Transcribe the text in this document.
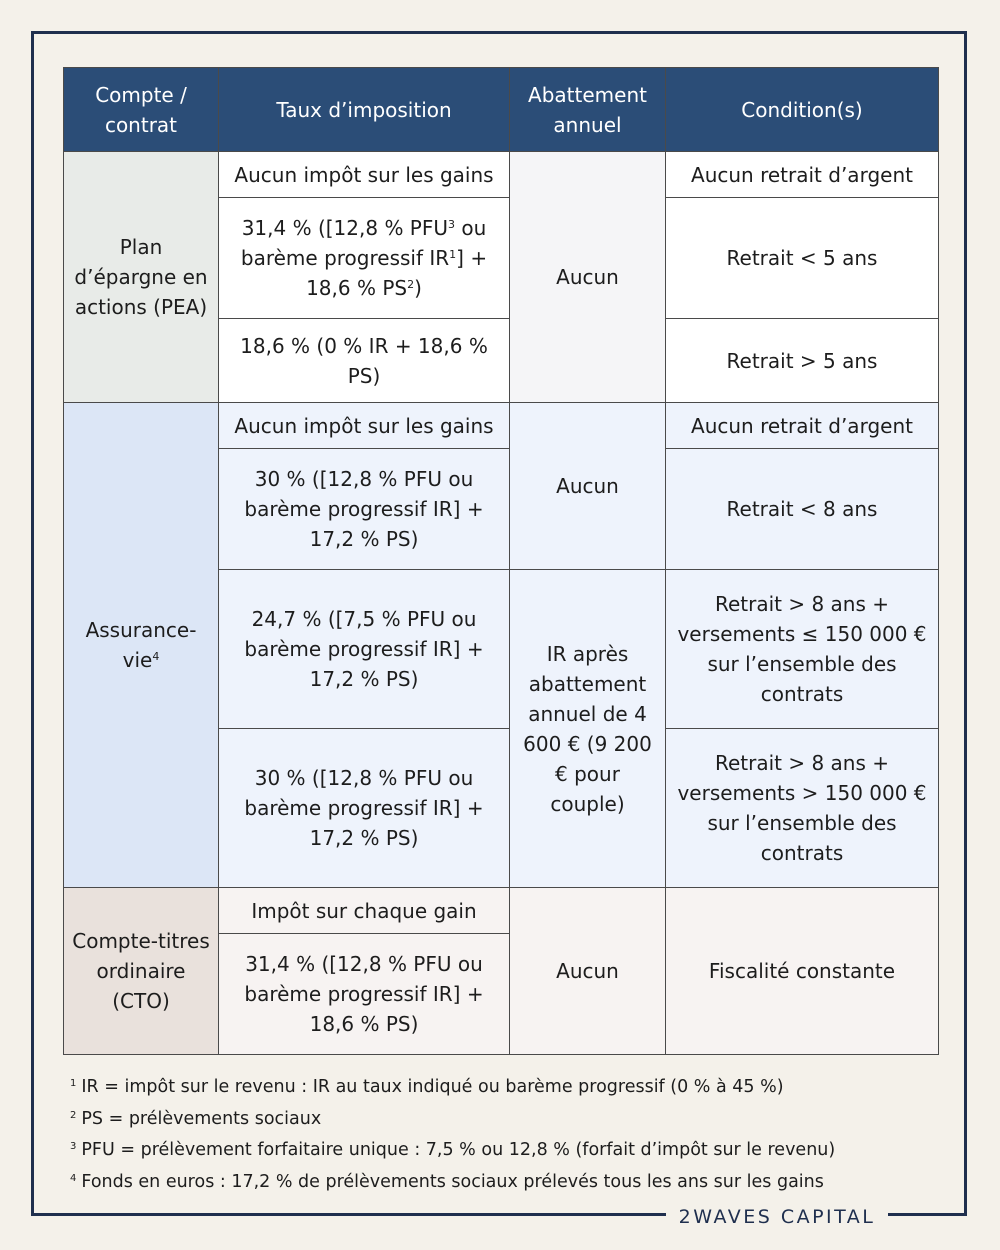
2WAVES CAPITAL
Compte / contrat	Taux d’imposition	Abattement annuel	Condition(s)
Plan d’épargne en actions (PEA)	Aucun impôt sur les gains	Aucun	Aucun retrait d’argent
	31,4 % ([12,8 % PFU$^3$ ou barème progressif $IR^1] + 18,6$ % $PS^2$)		Retrait < 5 ans
	18,6 % (0 % IR + 18,6 % PS)		Retrait > 5 ans
Assurance-vie$^4$	Aucun impôt sur les gains	Aucun	Aucun retrait d’argent
	30 % ([12,8 % PFU ou barème progressif IR] + 17,2 % PS)		Retrait < 8 ans
	24,7 % ([7,5 % PFU ou barème progressif IR] + 17,2 % PS)	IR après abattement annuel de 4 600 € (9 200 € pour couple)	Retrait > 8 ans + versements ≤ 150 000 € sur l’ensemble des contrats
	30 % ([12,8 % PFU ou barème progressif IR] + 17,2 % PS)		Retrait > 8 ans + versements > 150 000 € sur l’ensemble des contrats
Compte-titres ordinaire (CTO)	Impôt sur chaque gain	Aucun	Fiscalité constante
	31,4 % ([12,8 % PFU ou barème progressif IR] + 18,6 % PS)		
$^1$ IR = impôt sur le revenu : IR au taux indiqué ou barème progressif (0 % à 45 %)
$^2$ PS = prélèvements sociaux
$^3$ PFU = prélèvement forfaitaire unique : 7,5 % ou 12,8 % (forfait d’impôt sur le revenu)
$^4$ Fonds en euros : 17,2 % de prélèvements sociaux prélevés tous les ans sur les gains
